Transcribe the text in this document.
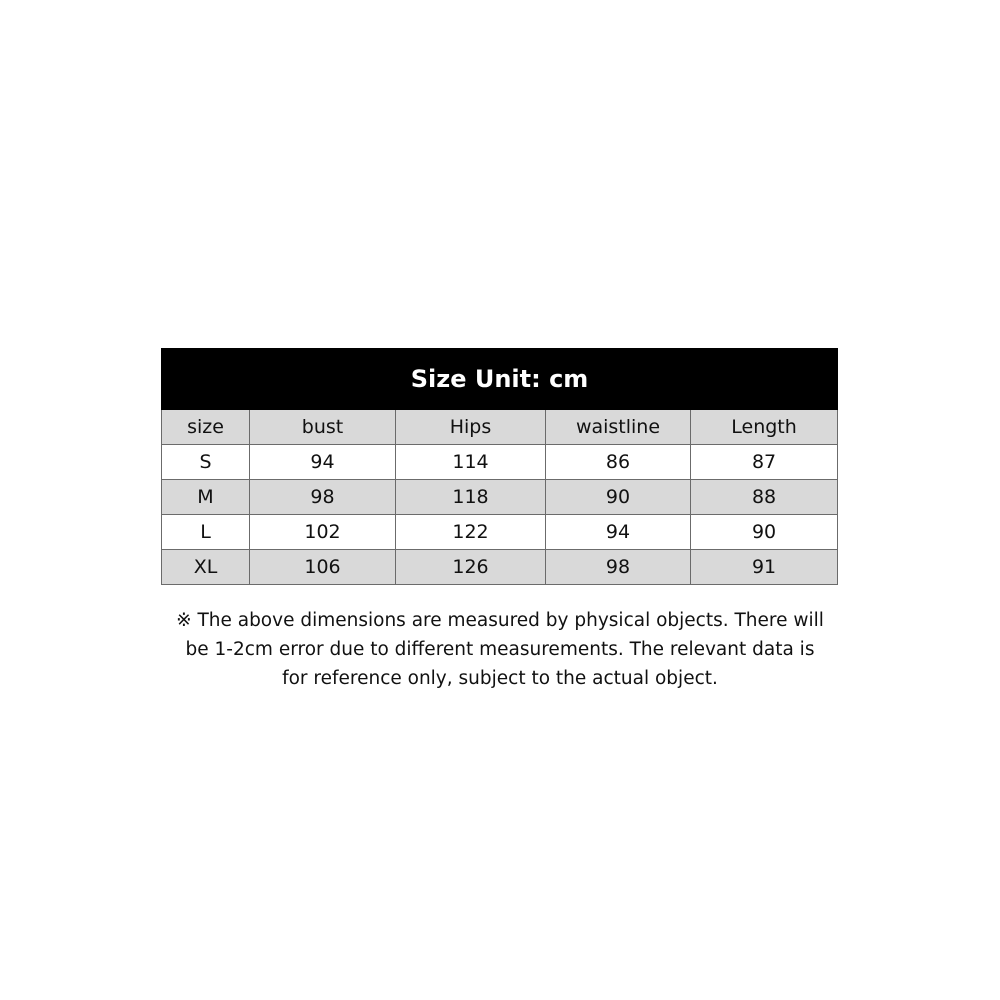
Size Unit: cm				
size	bust	Hips	waistline	Length
S	94	114	86	87
M	98	118	90	88
L	102	122	94	90
XL	106	126	98	91
※ The above dimensions are measured by physical objects. There will
be 1-2cm error due to different measurements. The relevant data is
for reference only, subject to the actual object.
